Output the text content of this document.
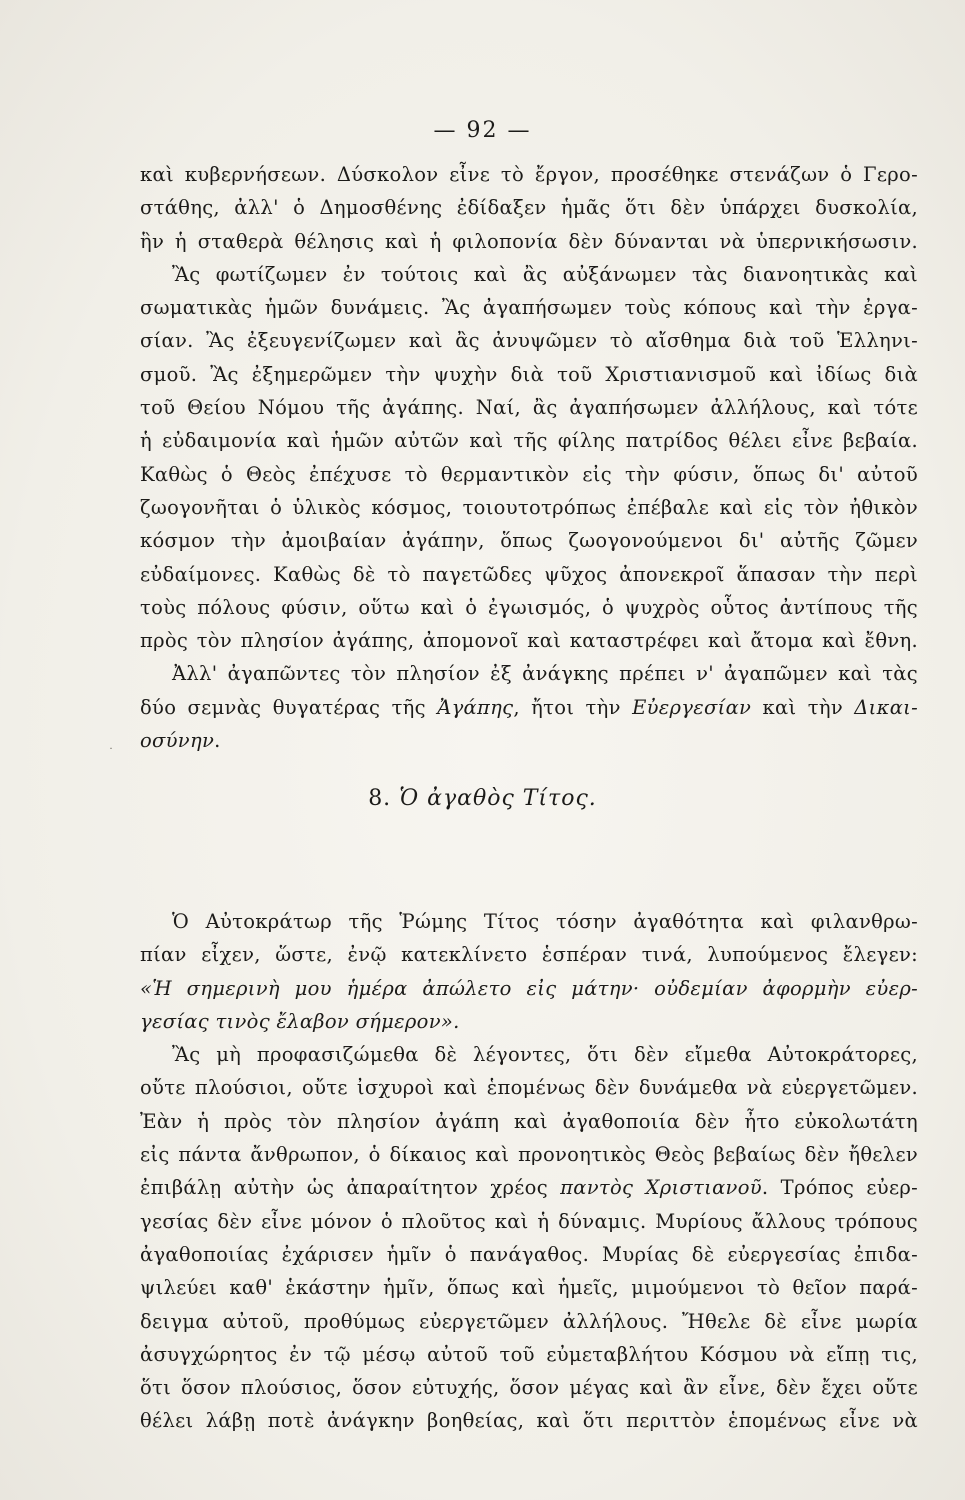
— 92 —
καὶ κυβερνήσεων. Δύσκολον εἶνε τὸ ἔργον, προσέθηκε στενάζων ὁ Γερο-
στάθης, ἀλλ' ὁ Δημοσθένης ἐδίδαξεν ἡμᾶς ὅτι δὲν ὑπάρχει δυσκολία,
ἣν ἡ σταθερὰ θέλησις καὶ ἡ φιλοπονία δὲν δύνανται νὰ ὑπερνικήσωσιν.
Ἂς φωτίζωμεν ἐν τούτοις καὶ ἂς αὐξάνωμεν τὰς διανοητικὰς καὶ
σωματικὰς ἡμῶν δυνάμεις. Ἂς ἀγαπήσωμεν τοὺς κόπους καὶ τὴν ἐργα-
σίαν. Ἂς ἐξευγενίζωμεν καὶ ἂς ἀνυψῶμεν τὸ αἴσθημα διὰ τοῦ Ἑλληνι-
σμοῦ. Ἂς ἐξημερῶμεν τὴν ψυχὴν διὰ τοῦ Χριστιανισμοῦ καὶ ἰδίως διὰ
τοῦ Θείου Νόμου τῆς ἀγάπης. Ναί, ἂς ἀγαπήσωμεν ἀλλήλους, καὶ τότε
ἡ εὐδαιμονία καὶ ἡμῶν αὐτῶν καὶ τῆς φίλης πατρίδος θέλει εἶνε βεβαία.
Καθὼς ὁ Θεὸς ἐπέχυσε τὸ θερμαντικὸν εἰς τὴν φύσιν, ὅπως δι' αὐτοῦ
ζωογονῆται ὁ ὑλικὸς κόσμος, τοιουτοτρόπως ἐπέβαλε καὶ εἰς τὸν ἠθικὸν
κόσμον τὴν ἀμοιβαίαν ἀγάπην, ὅπως ζωογονούμενοι δι' αὐτῆς ζῶμεν
εὐδαίμονες. Καθὼς δὲ τὸ παγετῶδες ψῦχος ἀπονεκροῖ ἅπασαν τὴν περὶ
τοὺς πόλους φύσιν, οὕτω καὶ ὁ ἐγωισμός, ὁ ψυχρὸς οὗτος ἀντίπους τῆς
πρὸς τὸν πλησίον ἀγάπης, ἀπομονοῖ καὶ καταστρέφει καὶ ἄτομα καὶ ἔθνη.
Ἀλλ' ἀγαπῶντες τὸν πλησίον ἐξ ἀνάγκης πρέπει ν' ἀγαπῶμεν καὶ τὰς
δύο σεμνὰς θυγατέρας τῆς Ἀγάπης, ἤτοι τὴν Εὐεργεσίαν καὶ τὴν Δικαι-
οσύνην.
˙
8. Ὁ ἀγαθὸς Τίτος.
Ὁ Αὐτοκράτωρ τῆς Ῥώμης Τίτος τόσην ἀγαθότητα καὶ φιλανθρω-
πίαν εἶχεν, ὥστε, ἐνῷ κατεκλίνετο ἑσπέραν τινά, λυπούμενος ἔλεγεν:
«Ἡ σημερινὴ μου ἡμέρα ἀπώλετο εἰς μάτην· οὐδεμίαν ἀφορμὴν εὐερ-
γεσίας τινὸς ἔλαβον σήμερον».
Ἂς μὴ προφασιζώμεθα δὲ λέγοντες, ὅτι δὲν εἴμεθα Αὐτοκράτορες,
οὔτε πλούσιοι, οὔτε ἰσχυροὶ καὶ ἑπομένως δὲν δυνάμεθα νὰ εὐεργετῶμεν.
Ἐὰν ἡ πρὸς τὸν πλησίον ἀγάπη καὶ ἀγαθοποιία δὲν ἦτο εὐκολωτάτη
εἰς πάντα ἄνθρωπον, ὁ δίκαιος καὶ προνοητικὸς Θεὸς βεβαίως δὲν ἤθελεν
ἐπιβάλῃ αὐτὴν ὡς ἀπαραίτητον χρέος παντὸς Χριστιανοῦ. Τρόπος εὐερ-
γεσίας δὲν εἶνε μόνον ὁ πλοῦτος καὶ ἡ δύναμις. Μυρίους ἄλλους τρόπους
ἀγαθοποιίας ἐχάρισεν ἡμῖν ὁ πανάγαθος. Μυρίας δὲ εὐεργεσίας ἐπιδα-
ψιλεύει καθ' ἑκάστην ἡμῖν, ὅπως καὶ ἡμεῖς, μιμούμενοι τὸ θεῖον παρά-
δειγμα αὐτοῦ, προθύμως εὐεργετῶμεν ἀλλήλους. Ἤθελε δὲ εἶνε μωρία
ἀσυγχώρητος ἐν τῷ μέσῳ αὐτοῦ τοῦ εὐμεταβλήτου Κόσμου νὰ εἴπῃ τις,
ὅτι ὅσον πλούσιος, ὅσον εὐτυχής, ὅσον μέγας καὶ ἂν εἶνε, δὲν ἔχει οὔτε
θέλει λάβῃ ποτὲ ἀνάγκην βοηθείας, καὶ ὅτι περιττὸν ἑπομένως εἶνε νὰ
